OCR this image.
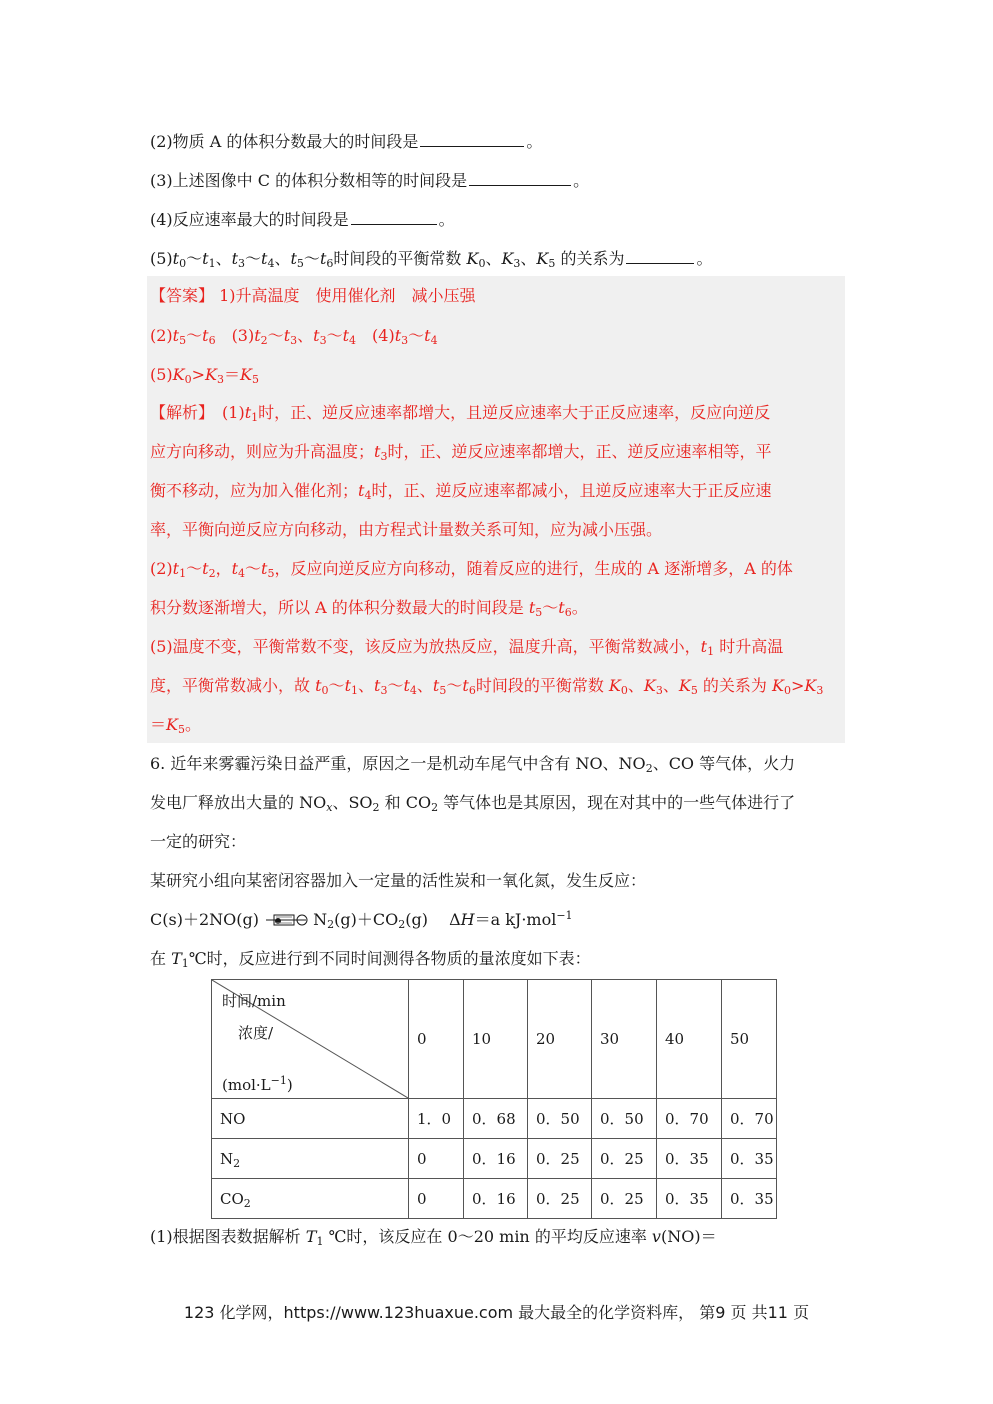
(2)物质 A 的体积分数最大的时间段是	。
(3)上述图像中 C 的体积分数相等的时间段是	。
(4)反应速率最大的时间段是	。
$(5)t_0\sim t_1$、$t_3\sim t_4$、$t_5\sim t_6$时间段的平衡常数 $K_0$、$K_3$、$K_5$ 的关系为	。
【答案】 1)升高温度　使用催化剂　减小压强
$(2)t_5\sim t_6$　$(3)t_2\sim t_3$、$t_3\sim t_4$　$(4)t_3\sim t_4$
$(5)K_0>K_3=K_5$
【解析】　$(1)t_1$时，正、逆反应速率都增大，且逆反应速率大于正反应速率，反应向逆反
应方向移动，则应为升高温度；$t_3$时，正、逆反应速率都增大，正、逆反应速率相等，平
衡不移动，应为加入催化剂；$t_4$时，正、逆反应速率都减小，且逆反应速率大于正反应速
率，平衡向逆反应方向移动，由方程式计量数关系可知，应为减小压强。
$(2)t_1\sim t_2$，$t_4\sim t_5$，反应向逆反应方向移动，随着反应的进行，生成的 A 逐渐增多，A 的体
积分数逐渐增大，所以 A 的体积分数最大的时间段是 $t_5\sim t_6$。
(5)温度不变，平衡常数不变，该反应为放热反应，温度升高，平衡常数减小，$t_1$ 时升高温
度，平衡常数减小，故 $t_0\sim t_1$、$t_3\sim t_4$、$t_5\sim t_6$时间段的平衡常数 $K_0$、$K_3$、$K_5$ 的关系为 $K_0>K_3$
$=K_5$。
6. 近年来雾霾污染日益严重，原因之一是机动车尾气中含有 NO、$NO_2$、CO 等气体，火力
发电厂释放出大量的 $NO_x$、$SO_2$ 和 $CO_2$ 等气体也是其原因，现在对其中的一些气体进行了
一定的研究：
某研究小组向某密闭容器加入一定量的活性炭和一氧化氮，发生反应：
C(s)＋2NO(g)	$N_2(g)+CO_2(g)$ 　ΔH＝a kJ·mol$^{-1}$
在 $T_1℃$时，反应进行到不同时间测得各物质的量浓度如下表：
时间/min
浓度/
$(mol\cdot L^{-1})$	0	10	20	30	40	50
NO	1．0	0．68	0．50	0．50	0．70	0．70
$N_2$	0	0．16	0．25	0．25	0．35	0．35
$CO_2$	0	0．16	0．25	0．25	0．35	0．35
(1)根据图表数据解析 $T_1$ ℃时，该反应在 0～20 min 的平均反应速率 v(NO)＝
123 化学网，https://www.123huaxue.com 最大最全的化学资料库， 第9 页 共11 页
